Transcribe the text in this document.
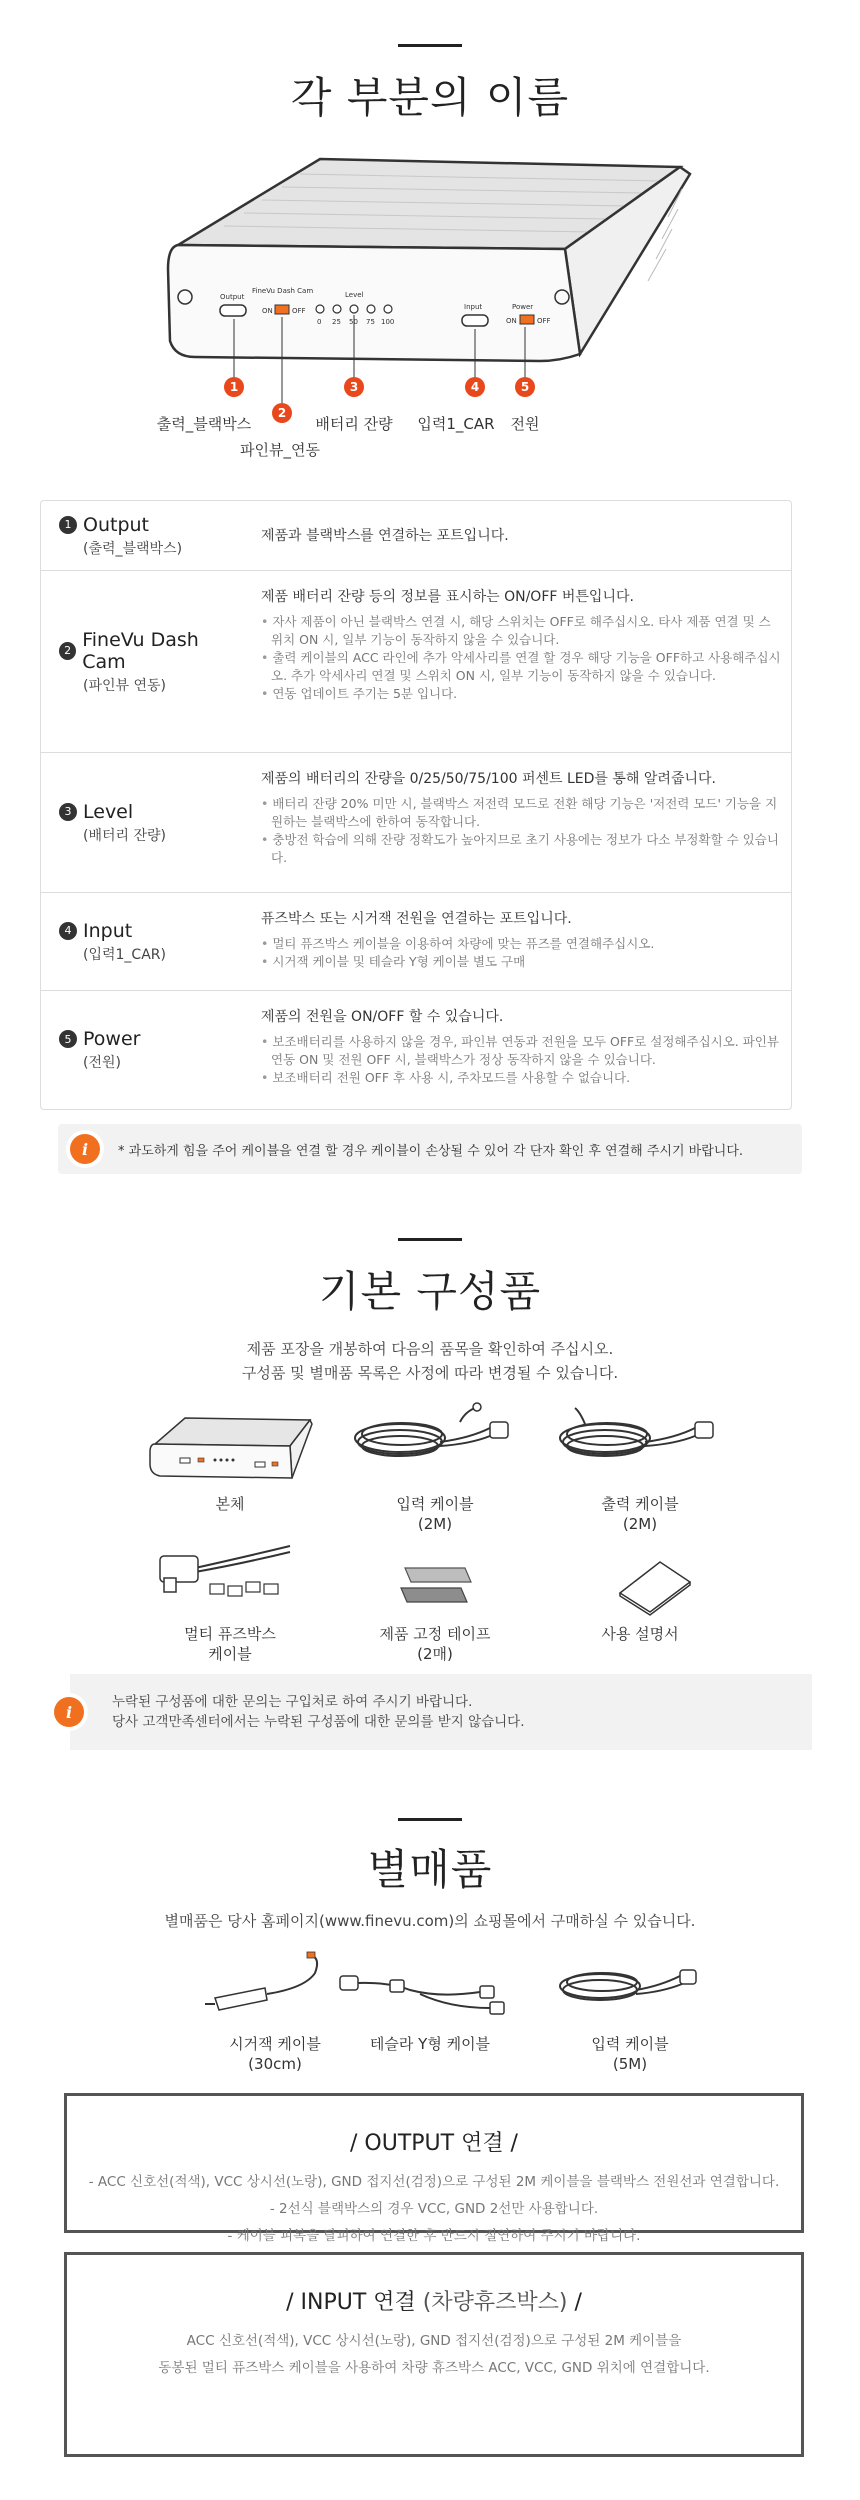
각 부분의 이름
1
2
3	4	5
Output
FineVu Dash Cam
ON	OFF
Level
0 25 50 75 100
Input	Power
ON	OFF
출력_블랙박스
파인뷰_연동
배터리 잔량 입력1_CAR 전원
1 Output
(출력_블랙박스)
제품과 블랙박스를 연결하는 포트입니다.
2 FineVu Dash Cam
(파인뷰 연동)
제품 배터리 잔량 등의 정보를 표시하는 ON/OFF 버튼입니다.
• 자사 제품이 아닌 블랙박스 연결 시, 해당 스위치는 OFF로 해주십시오. 타사 제품 연결 및 스위치 ON 시, 일부 기능이 동작하지 않을 수 있습니다.
• 출력 케이블의 ACC 라인에 추가 악세사리를 연결 할 경우 해당 기능을 OFF하고 사용해주십시오. 추가 악세사리 연결 및 스위치 ON 시, 일부 기능이 동작하지 않을 수 있습니다.
• 연동 업데이트 주기는 5분 입니다.
3 Level
(배터리 잔량)
제품의 배터리의 잔량을 0/25/50/75/100 퍼센트 LED를 통해 알려줍니다.
• 배터리 잔량 20% 미만 시, 블랙박스 저전력 모드로 전환 해당 기능은 '저전력 모드' 기능을 지원하는 블랙박스에 한하여 동작합니다.
• 충방전 학습에 의해 잔량 정확도가 높아지므로 초기 사용에는 정보가 다소 부정확할 수 있습니다.
4 Input
(입력1_CAR)
퓨즈박스 또는 시거잭 전원을 연결하는 포트입니다.
• 멀티 퓨즈박스 케이블을 이용하여 차량에 맞는 퓨즈를 연결해주십시오.
• 시거잭 케이블 및 테슬라 Y형 케이블 별도 구매
5 Power
(전원)
제품의 전원을 ON/OFF 할 수 있습니다.
• 보조배터리를 사용하지 않을 경우, 파인뷰 연동과 전원을 모두 OFF로 설정해주십시오. 파인뷰 연동 ON 및 전원 OFF 시, 블랙박스가 정상 동작하지 않을 수 있습니다.
• 보조배터리 전원 OFF 후 사용 시, 주차모드를 사용할 수 없습니다.
i	* 과도하게 힘을 주어 케이블을 연결 할 경우 케이블이 손상될 수 있어 각 단자 확인 후 연결해 주시기 바랍니다.
기본 구성품
제품 포장을 개봉하여 다음의 품목을 확인하여 주십시오.
구성품 및 별매품 목록은 사정에 따라 변경될 수 있습니다.
본체	입력 케이블
(2M)
출력 케이블
(2M)
멀티 퓨즈박스
케이블
제품 고정 테이프
(2매)
사용 설명서
i
누락된 구성품에 대한 문의는 구입처로 하여 주시기 바랍니다.
당사 고객만족센터에서는 누락된 구성품에 대한 문의를 받지 않습니다.
별매품
별매품은 당사 홈페이지(www.finevu.com)의 쇼핑몰에서 구매하실 수 있습니다.
시거잭 케이블
(30cm)
테슬라 Y형 케이블	입력 케이블
(5M)
/ OUTPUT 연결 /
- ACC 신호선(적색), VCC 상시선(노랑), GND 접지선(검정)으로 구성된 2M 케이블을 블랙박스 전원선과 연결합니다.
- 2선식 블랙박스의 경우 VCC, GND 2선만 사용합니다.
- 케이블 피복을 탈피하여 연결한 후 반드시 절연하여 주시기 바랍니다.
/ INPUT 연결 (차량휴즈박스) /
ACC 신호선(적색), VCC 상시선(노랑), GND 접지선(검정)으로 구성된 2M 케이블을
동봉된 멀티 퓨즈박스 케이블을 사용하여 차량 휴즈박스 ACC, VCC, GND 위치에 연결합니다.
